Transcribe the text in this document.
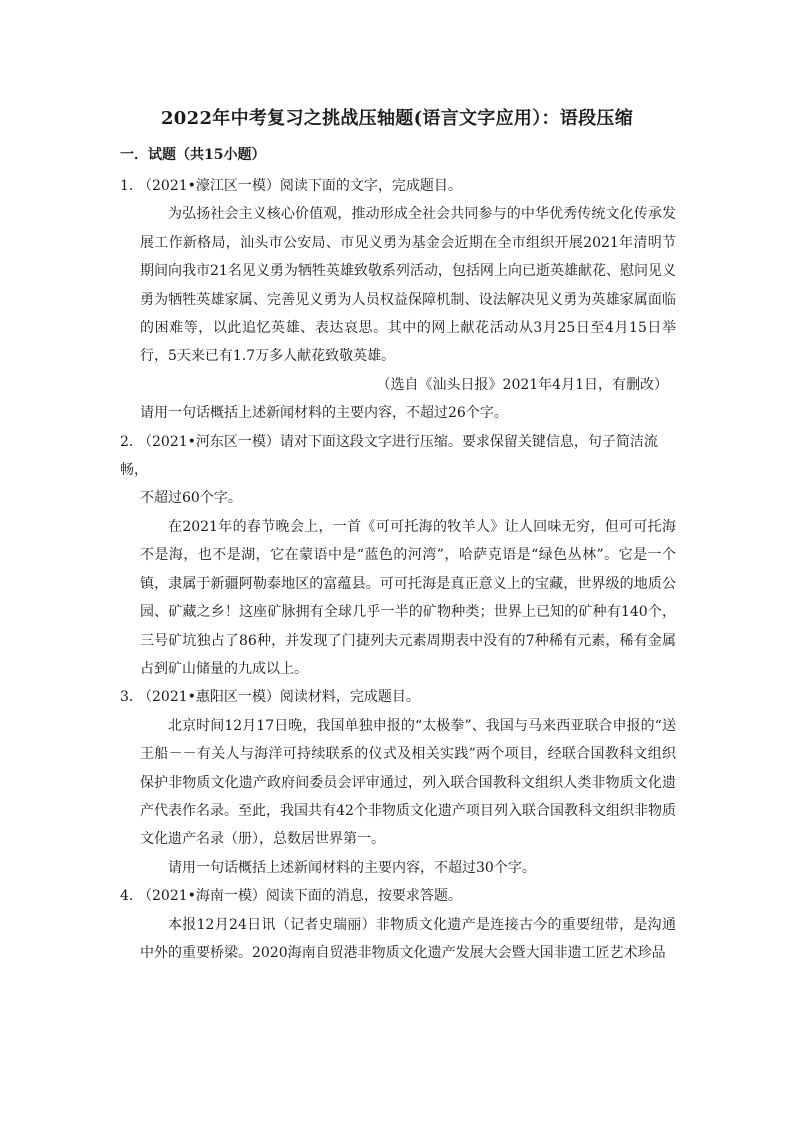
2022年中考复习之挑战压轴题(语言文字应用）：语段压缩
一．试题（共15小题）

1．（2021•濠江区一模）阅读下面的文字，完成题目。

为弘扬社会主义核心价值观，推动形成全社会共同参与的中华优秀传统文化传承发展工作新格局，汕头市公安局、市见义勇为基金会近期在全市组织开展2021年清明节期间向我市21名见义勇为牺牲英雄致敬系列活动，包括网上向已逝英雄献花、慰问见义勇为牺牲英雄家属、完善见义勇为人员权益保障机制、设法解决见义勇为英雄家属面临的困难等，以此追忆英雄、表达哀思。其中的网上献花活动从3月25日至4月15日举行，5天来已有1.7万多人献花致敬英雄。

（选自《汕头日报》2021年4月1日，有删改）

请用一句话概括上述新闻材料的主要内容，不超过26个字。

2．（2021•河东区一模）请对下面这段文字进行压缩。要求保留关键信息，句子简洁流畅，

不超过60个字。

在2021年的春节晚会上，一首《可可托海的牧羊人》让人回味无穷，但可可托海不是海，也不是湖，它在蒙语中是“蓝色的河湾”，哈萨克语是“绿色丛林”。它是一个镇，隶属于新疆阿勒泰地区的富蕴县。可可托海是真正意义上的宝藏，世界级的地质公园、矿藏之乡！这座矿脉拥有全球几乎一半的矿物种类；世界上已知的矿种有140个，三号矿坑独占了86种，并发现了门捷列夫元素周期表中没有的7种稀有元素，稀有金属占到矿山储量的九成以上。

3．（2021•惠阳区一模）阅读材料，完成题目。

北京时间12月17日晚，我国单独申报的“太极拳”、我国与马来西亚联合申报的“送王船－－有关人与海洋可持续联系的仪式及相关实践”两个项目，经联合国教科文组织保护非物质文化遗产政府间委员会评审通过，列入联合国教科文组织人类非物质文化遗产代表作名录。至此，我国共有42个非物质文化遗产项目列入联合国教科文组织非物质文化遗产名录（册），总数居世界第一。

请用一句话概括上述新闻材料的主要内容，不超过30个字。

4．（2021•海南一模）阅读下面的消息，按要求答题。

本报12月24日讯（记者史瑞丽）非物质文化遗产是连接古今的重要纽带，是沟通中外的重要桥梁。2020海南自贸港非物质文化遗产发展大会暨大国非遗工匠艺术珍品
